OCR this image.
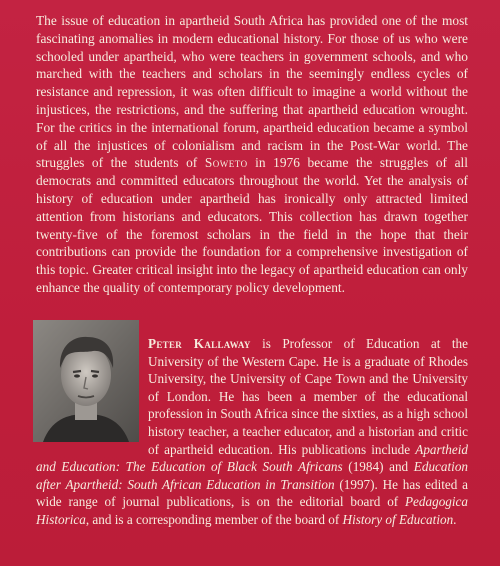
The issue of education in apartheid South Africa has provided one of the most fascinating anomalies in modern educational history. For those of us who were schooled under apartheid, who were teachers in government schools, and who marched with the teachers and scholars in the seemingly endless cycles of resistance and repression, it was often difficult to imagine a world without the injustices, the restrictions, and the suffering that apartheid education wrought. For the critics in the international forum, apartheid education became a symbol of all the injustices of colonialism and racism in the Post-War world. The struggles of the students of Soweto in 1976 became the struggles of all democrats and committed educators throughout the world. Yet the analysis of history of education under apartheid has ironically only attracted limited attention from historians and educators. This collection has drawn together twenty-five of the foremost scholars in the field in the hope that their contributions can provide the foundation for a comprehensive investigation of this topic. Greater critical insight into the legacy of apartheid education can only enhance the quality of contemporary policy development.

Peter Kallaway is Professor of Education at the University of the Western Cape. He is a graduate of Rhodes University, the University of Cape Town and the University of London. He has been a member of the educational profession in South Africa since the sixties, as a high school history teacher, a teacher educator, and a historian and critic of apartheid education. His publications include Apartheid and Education: The Education of Black South Africans (1984) and Education after Apartheid: South African Education in Transition (1997). He has edited a wide range of journal publications, is on the editorial board of Pedagogica Historica, and is a corresponding member of the board of History of Education.
